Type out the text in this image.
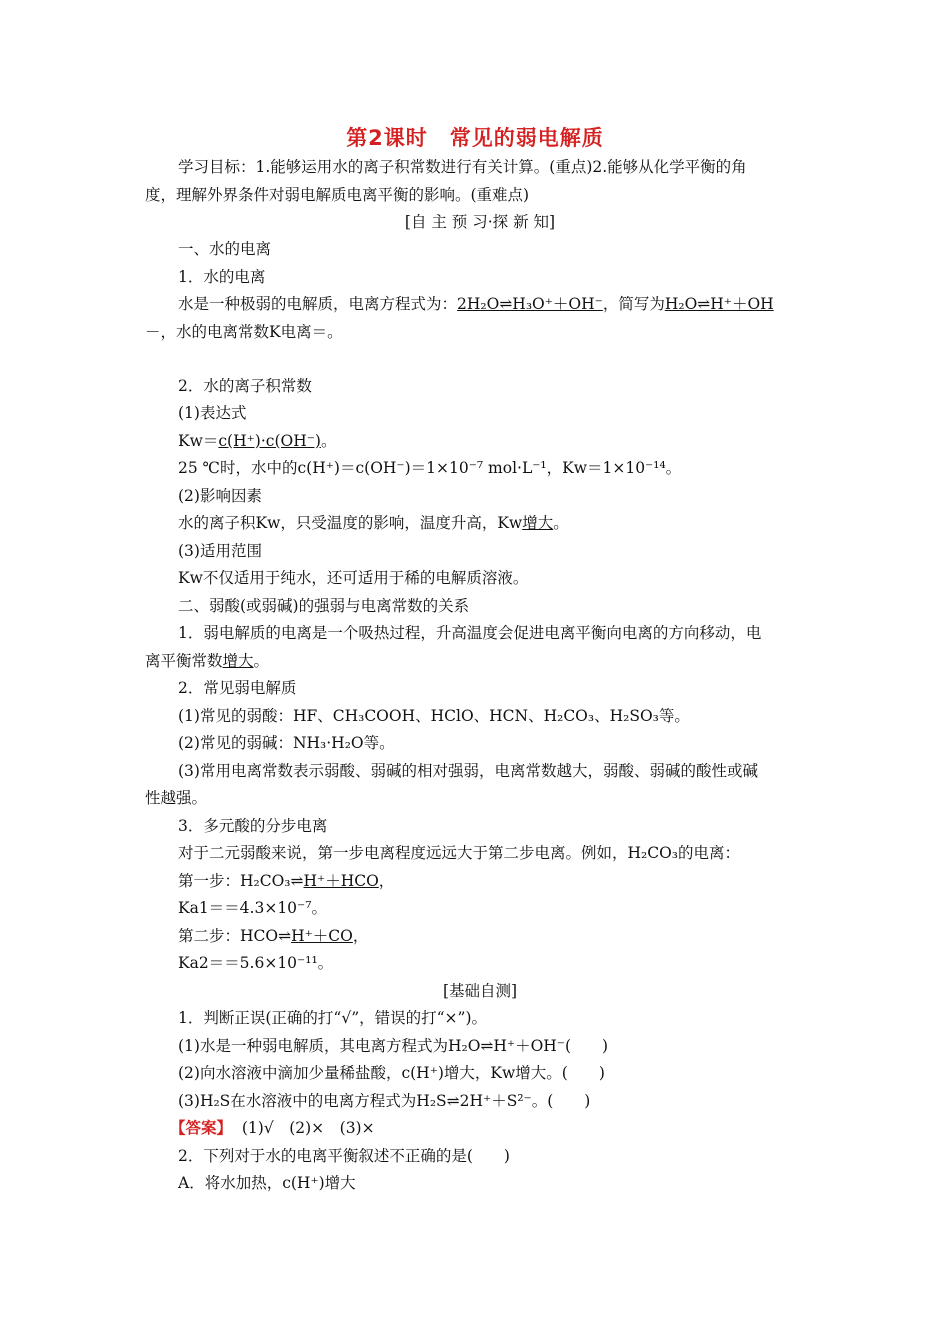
第2课时　常见的弱电解质
学习目标：1.能够运用水的离子积常数进行有关计算。(重点)2.能够从化学平衡的角
度，理解外界条件对弱电解质电离平衡的影响。(重难点)
[自 主 预 习·探 新 知]
一、水的电离
1．水的电离
水是一种极弱的电解质，电离方程式为：2H₂O⇌H₃O⁺＋OH⁻，简写为H₂O⇌H⁺＋OH
－，水的电离常数K电离＝。
2．水的离子积常数
(1)表达式
Kw＝c(H⁺)·c(OH⁻)。
25 ℃时，水中的c(H⁺)＝c(OH⁻)＝1×10⁻⁷ mol·L⁻¹，Kw＝1×10⁻¹⁴。
(2)影响因素
水的离子积Kw，只受温度的影响，温度升高，Kw增大。
(3)适用范围
Kw不仅适用于纯水，还可适用于稀的电解质溶液。
二、弱酸(或弱碱)的强弱与电离常数的关系
1．弱电解质的电离是一个吸热过程，升高温度会促进电离平衡向电离的方向移动，电
离平衡常数增大。
2．常见弱电解质
(1)常见的弱酸：HF、CH₃COOH、HClO、HCN、H₂CO₃、H₂SO₃等。
(2)常见的弱碱：NH₃·H₂O等。
(3)常用电离常数表示弱酸、弱碱的相对强弱，电离常数越大，弱酸、弱碱的酸性或碱
性越强。
3．多元酸的分步电离
对于二元弱酸来说，第一步电离程度远远大于第二步电离。例如，H₂CO₃的电离：
第一步：H₂CO₃⇌H⁺＋HCO，
Ka1＝＝4.3×10⁻⁷。
第二步：HCO⇌H⁺＋CO，
Ka2＝＝5.6×10⁻¹¹。
[基础自测]
1．判断正误(正确的打“√”，错误的打“×”)。
(1)水是一种弱电解质，其电离方程式为H₂O⇌H⁺＋OH⁻(　　)
(2)向水溶液中滴加少量稀盐酸，c(H⁺)增大，Kw增大。(　　)
(3)H₂S在水溶液中的电离方程式为H₂S⇌2H⁺＋S²⁻。(　　)
【答案】 (1)√　(2)×　(3)×
2．下列对于水的电离平衡叙述不正确的是(　　)
A．将水加热，c(H⁺)增大
